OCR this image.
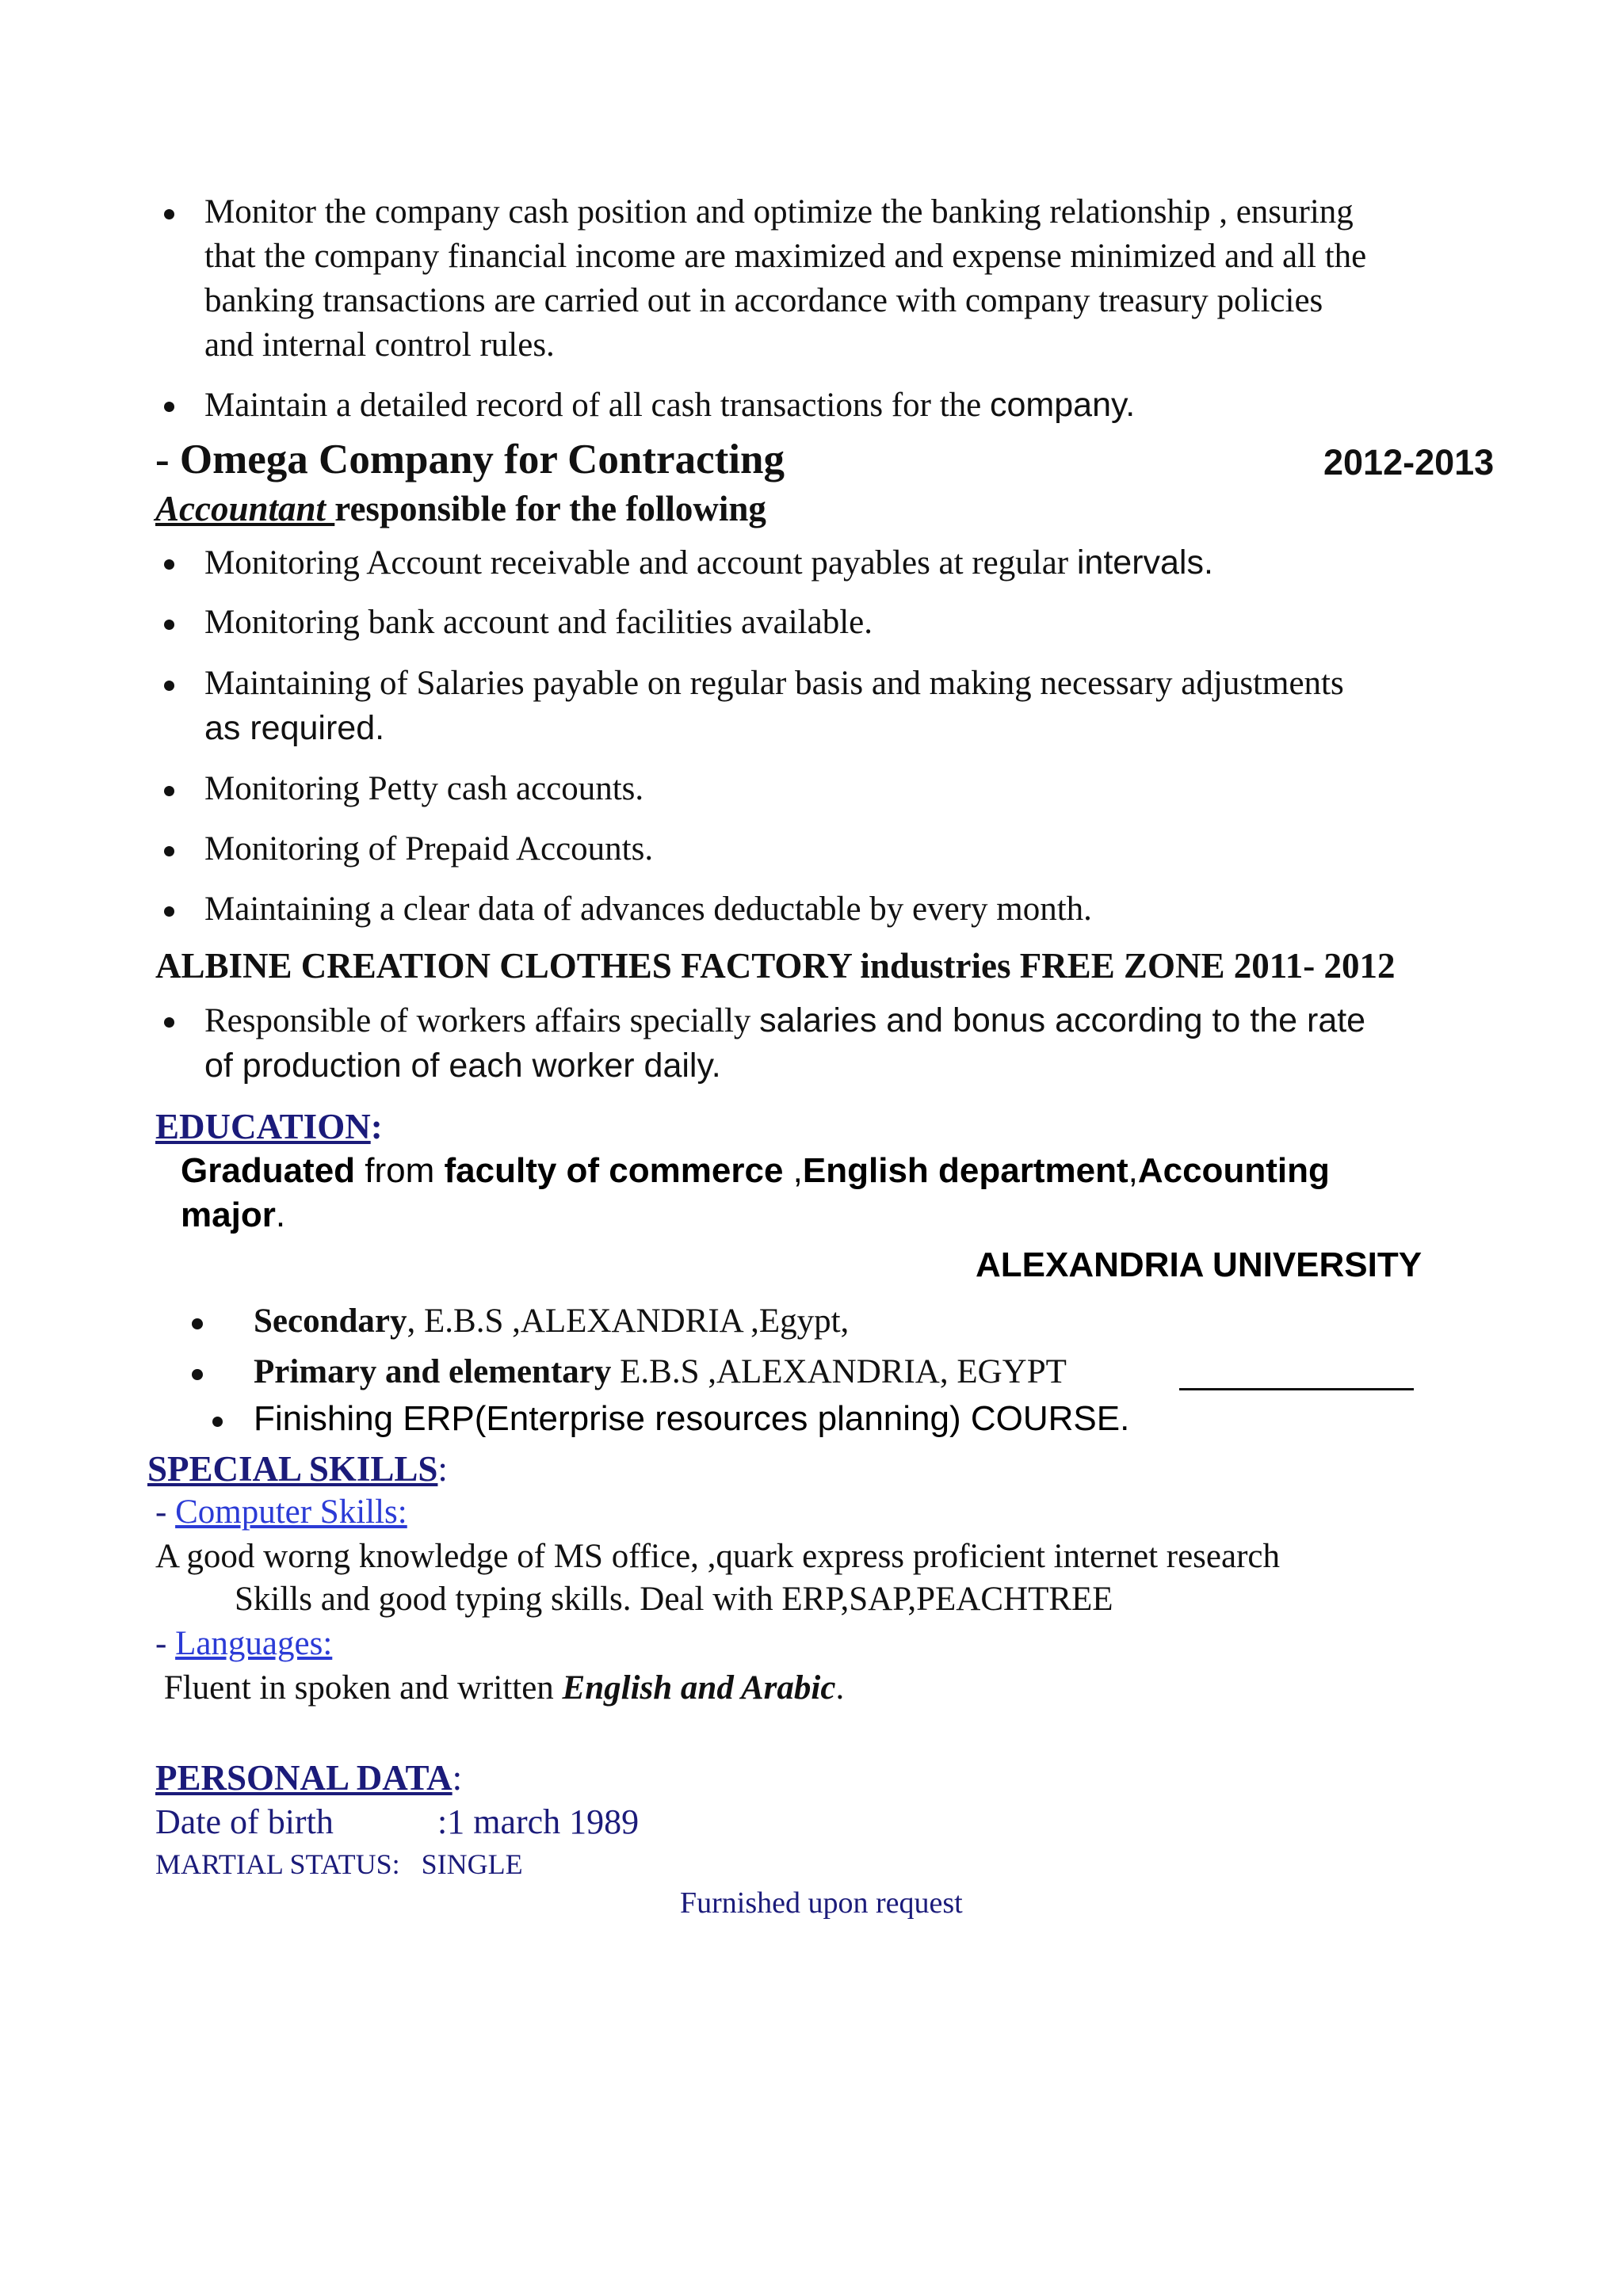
Monitor the company cash position and optimize the banking relationship , ensuring
that the company financial income are maximized and expense minimized and all the
banking transactions are carried out in accordance with company treasury policies
and internal control rules.
Maintain a detailed record of all cash transactions for the company.
- Omega Company for Contracting	2012-2013
Accountant responsible for the following
Monitoring Account receivable and account payables at regular intervals.
Monitoring bank account and facilities available.
Maintaining of Salaries payable on regular basis and making necessary adjustments
as required.
Monitoring Petty cash accounts.
Monitoring of Prepaid Accounts.
Maintaining a clear data of advances deductable by every month.
ALBINE CREATION CLOTHES FACTORY industries FREE ZONE 2011- 2012
Responsible of workers affairs specially salaries and bonus according to the rate
of production of each worker daily.
EDUCATION:
Graduated from faculty of commerce ,English department,Accounting
major.
ALEXANDRIA UNIVERSITY
Secondary, E.B.S ,ALEXANDRIA ,Egypt,
Primary and elementary E.B.S ,ALEXANDRIA, EGYPT
Finishing ERP(Enterprise resources planning) COURSE.
SPECIAL SKILLS:
- Computer Skills:
A good worng knowledge of MS office, ,quark express proficient internet research
Skills and good typing skills. Deal with ERP,SAP,PEACHTREE
- Languages:
Fluent in spoken and written English and Arabic.
PERSONAL DATA:
Date of birth	:1 march 1989
MARTIAL STATUS:   SINGLE
Furnished upon request
